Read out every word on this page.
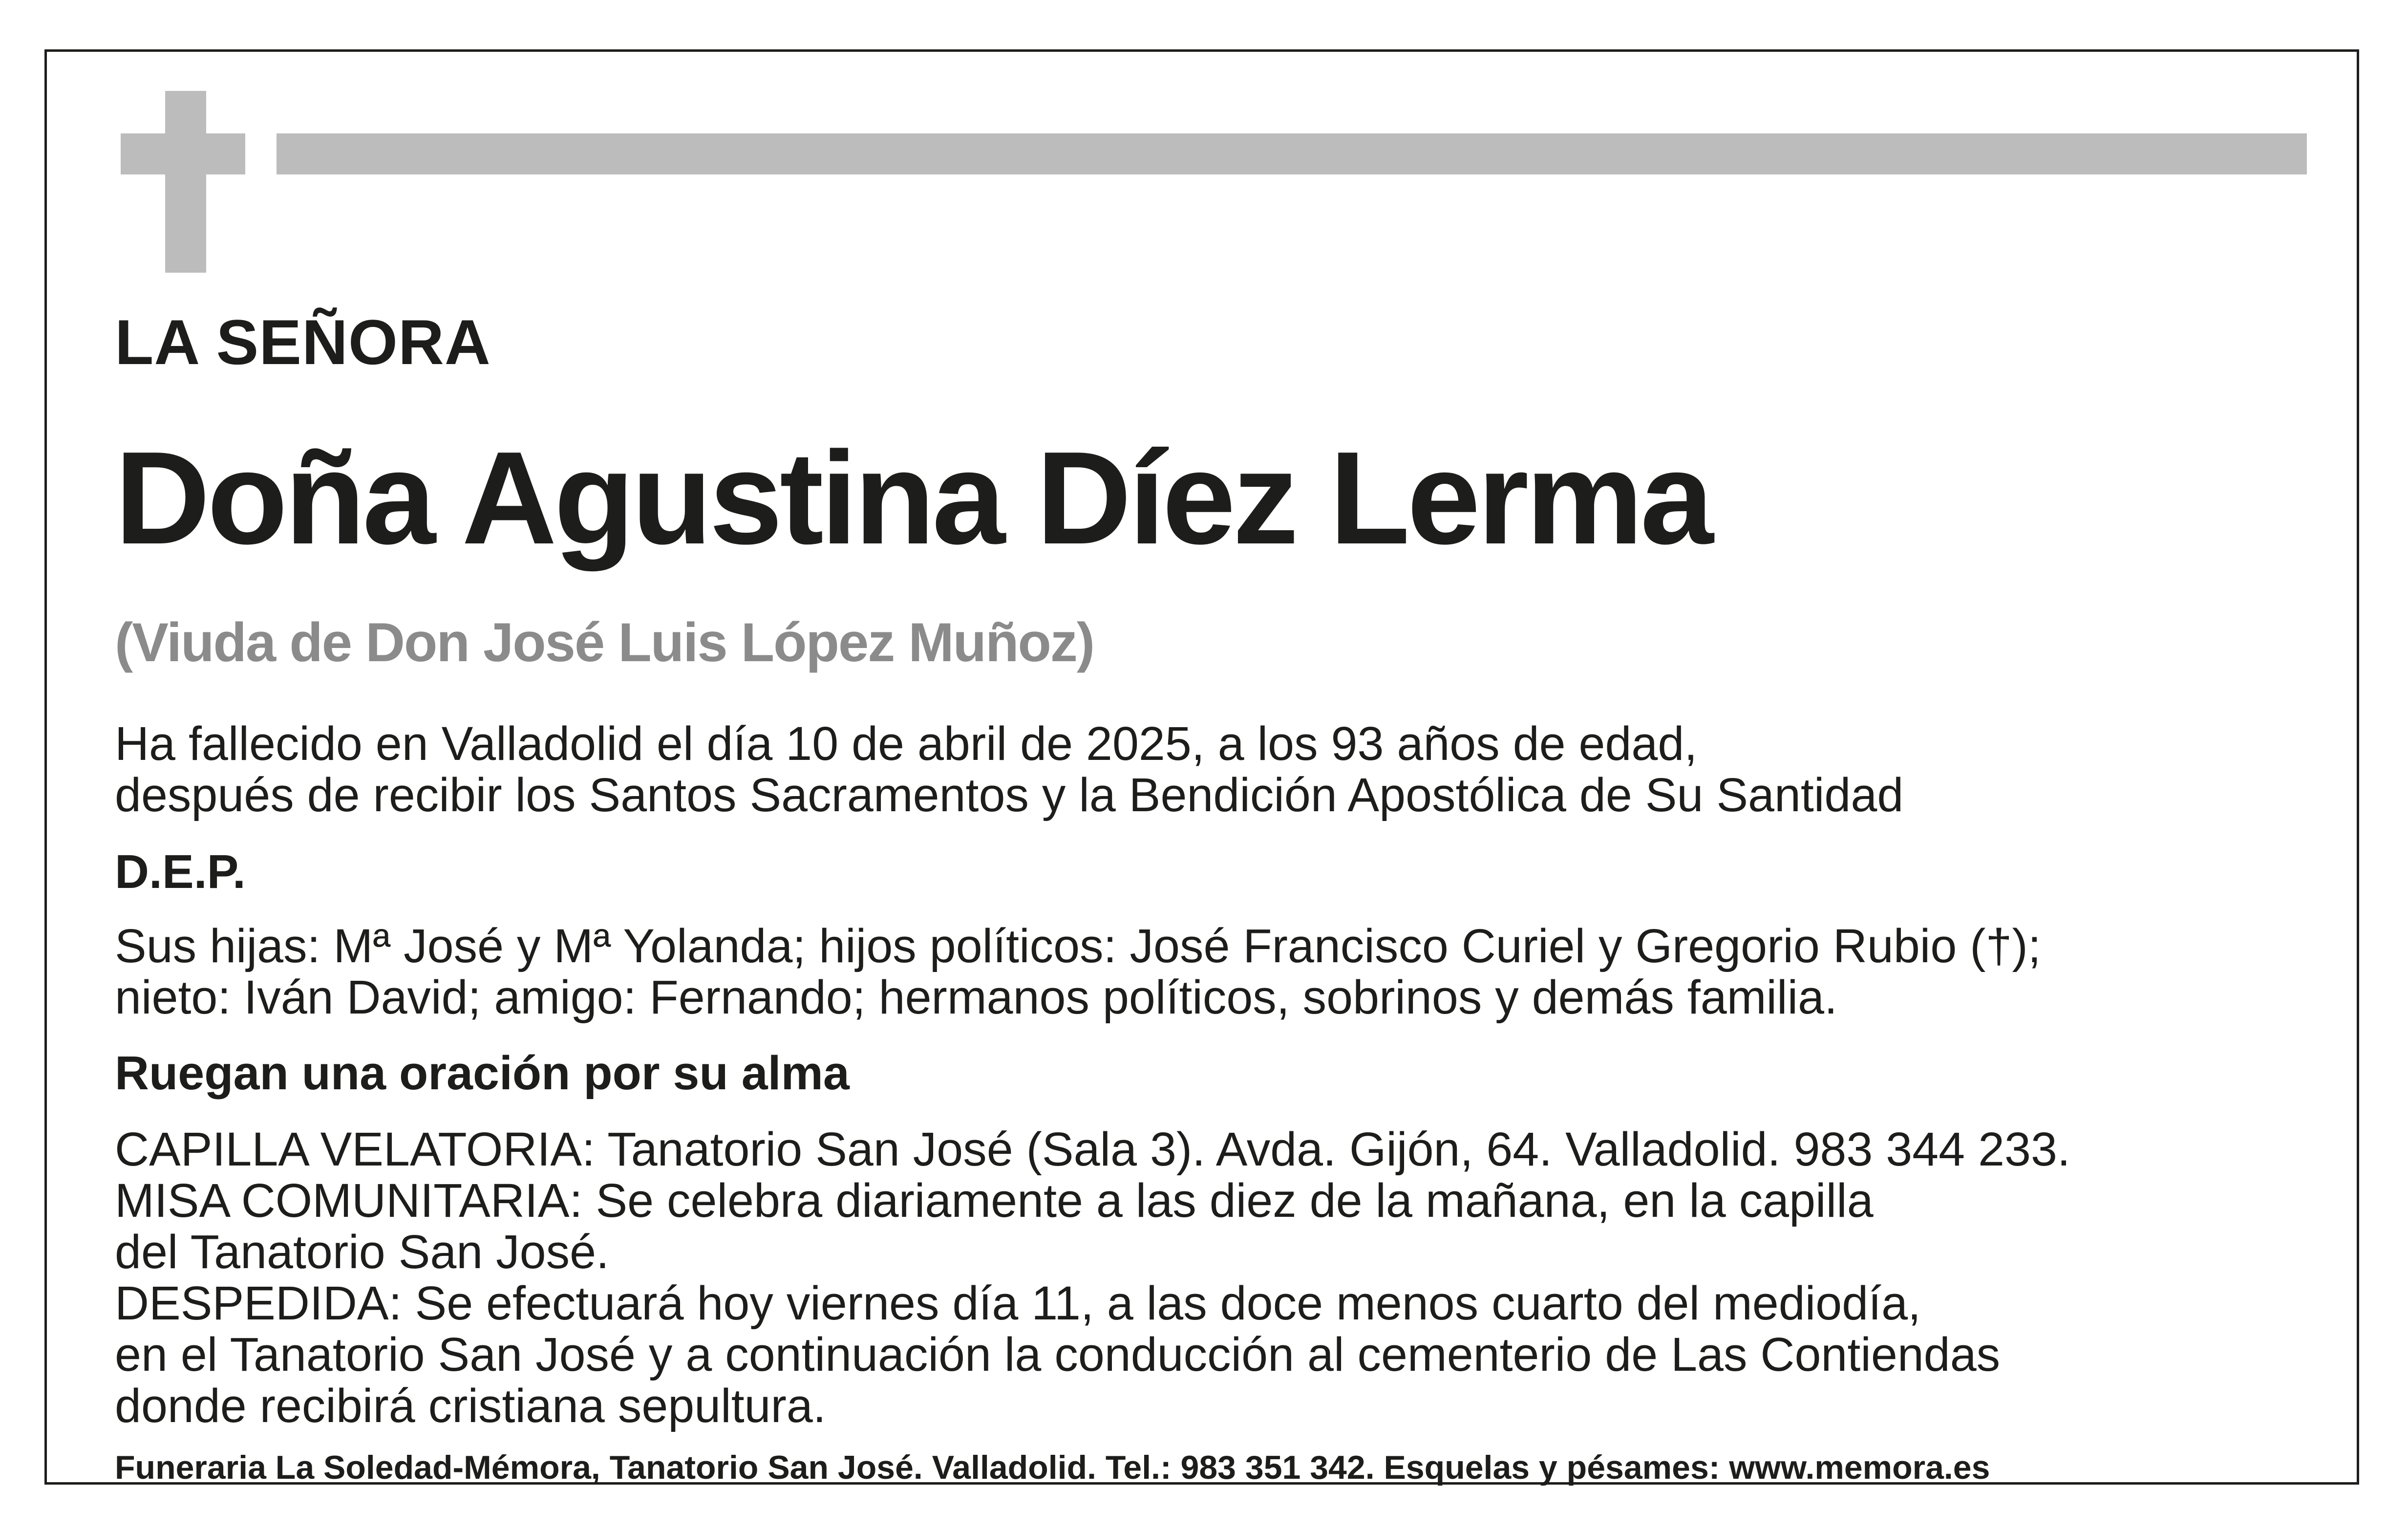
LA SEÑORA

Doña Agustina Díez Lerma

(Viuda de Don José Luis López Muñoz)

Ha fallecido en Valladolid el día 10 de abril de 2025, a los 93 años de edad,

después de recibir los Santos Sacramentos y la Bendición Apostólica de Su Santidad

D.E.P.

Sus hijas: Mª José y Mª Yolanda; hijos políticos: José Francisco Curiel y Gregorio Rubio (†);

nieto: Iván David; amigo: Fernando; hermanos políticos, sobrinos y demás familia.

Ruegan una oración por su alma

CAPILLA VELATORIA: Tanatorio San José (Sala 3). Avda. Gijón, 64. Valladolid. 983 344 233.

MISA COMUNITARIA: Se celebra diariamente a las diez de la mañana, en la capilla

del Tanatorio San José.

DESPEDIDA: Se efectuará hoy viernes día 11, a las doce menos cuarto del mediodía,

en el Tanatorio San José y a continuación la conducción al cementerio de Las Contiendas

donde recibirá cristiana sepultura.

Funeraria La Soledad-Mémora, Tanatorio San José. Valladolid. Tel.: 983 351 342. Esquelas y pésames: www.memora.es
